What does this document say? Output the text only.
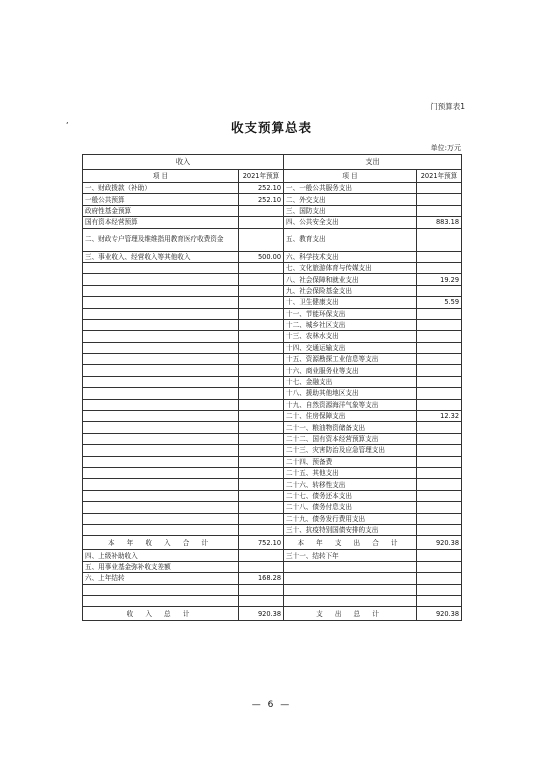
,
门预算表1
收支预算总表
单位:万元
收入		支出	
项 目	2021年预算	项 目	2021年预算
一、财政拨款（补助）	252.10	一、一般公共服务支出	
一般公共预算	252.10	二、外交支出	
政府性基金预算		三、国防支出	
国有资本经营预算		四、公共安全支出	883.18
二、财政专户管理及维维指用教育医疗收费资金		五、教育支出	
三、事业收入、经营收入等其他收入	500.00	六、科学技术支出	
		七、文化旅游体育与传媒支出	
		八、社会保障和就业支出	19.29
		九、社会保险基金支出	
		十、卫生健康支出	5.59
		十一、节能环保支出	
		十二、城乡社区支出	
		十三、农林水支出	
		十四、交通运输支出	
		十五、资源勘探工业信息等支出	
		十六、商业服务业等支出	
		十七、金融支出	
		十八、援助其他地区支出	
		十九、自然资源海洋气象等支出	
		二十、住房保障支出	12.32
		二十一、粮油物资储备支出	
		二十二、国有资本经营预算支出	
		二十三、灾害防治及应急管理支出	
		二十四、预备费	
		二十五、其他支出	
		二十六、转移性支出	
		二十七、债务还本支出	
		二十八、债务付息支出	
		二十九、债务发行费用支出	
		三十、抗疫特别国债安排的支出	
本 年 收 入 合 计	752.10	本 年 支 出 合 计	920.38
四、上级补助收入		三十一、结转下年	
五、用事业基金弥补收支差额			
六、上年结转	168.28		

收 入 总 计	920.38	支 出 总 计	920.38
— 6 —
